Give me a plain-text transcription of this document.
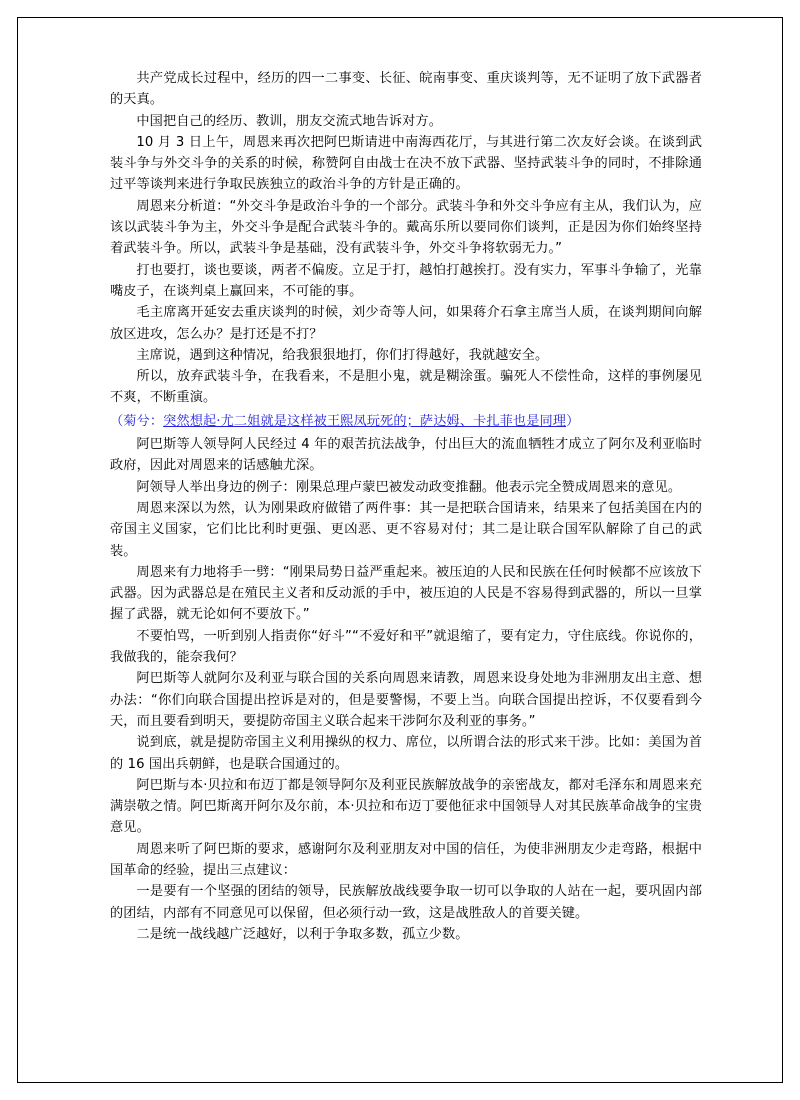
共产党成长过程中，经历的四一二事变、长征、皖南事变、重庆谈判等，无不证明了放下武器者的天真。

中国把自己的经历、教训，朋友交流式地告诉对方。

10 月 3 日上午，周恩来再次把阿巴斯请进中南海西花厅，与其进行第二次友好会谈。在谈到武装斗争与外交斗争的关系的时候，称赞阿自由战士在决不放下武器、坚持武装斗争的同时，不排除通过平等谈判来进行争取民族独立的政治斗争的方针是正确的。

周恩来分析道：“外交斗争是政治斗争的一个部分。武装斗争和外交斗争应有主从，我们认为，应该以武装斗争为主，外交斗争是配合武装斗争的。戴高乐所以要同你们谈判，正是因为你们始终坚持着武装斗争。所以，武装斗争是基础，没有武装斗争，外交斗争将软弱无力。”

打也要打，谈也要谈，两者不偏废。立足于打，越怕打越挨打。没有实力，军事斗争输了，光靠嘴皮子，在谈判桌上赢回来，不可能的事。

毛主席离开延安去重庆谈判的时候，刘少奇等人问，如果蒋介石拿主席当人质，在谈判期间向解放区进攻，怎么办？是打还是不打？

主席说，遇到这种情况，给我狠狠地打，你们打得越好，我就越安全。

所以，放弃武装斗争，在我看来，不是胆小鬼，就是糊涂蛋。骗死人不偿性命，这样的事例屡见不爽，不断重演。

（菊兮：突然想起·尤二姐就是这样被王熙凤玩死的；萨达姆、卡扎菲也是同理）

阿巴斯等人领导阿人民经过 4 年的艰苦抗法战争，付出巨大的流血牺牲才成立了阿尔及利亚临时政府，因此对周恩来的话感触尤深。

阿领导人举出身边的例子：刚果总理卢蒙巴被发动政变推翻。他表示完全赞成周恩来的意见。

周恩来深以为然，认为刚果政府做错了两件事：其一是把联合国请来，结果来了包括美国在内的帝国主义国家，它们比比利时更强、更凶恶、更不容易对付；其二是让联合国军队解除了自己的武装。

周恩来有力地将手一劈：“刚果局势日益严重起来。被压迫的人民和民族在任何时候都不应该放下武器。因为武器总是在殖民主义者和反动派的手中，被压迫的人民是不容易得到武器的，所以一旦掌握了武器，就无论如何不要放下。”

不要怕骂，一听到别人指责你“好斗”“不爱好和平”就退缩了，要有定力，守住底线。你说你的，我做我的，能奈我何？

阿巴斯等人就阿尔及利亚与联合国的关系向周恩来请教，周恩来设身处地为非洲朋友出主意、想办法：“你们向联合国提出控诉是对的，但是要警惕，不要上当。向联合国提出控诉，不仅要看到今天，而且要看到明天，要提防帝国主义联合起来干涉阿尔及利亚的事务。”

说到底，就是提防帝国主义利用操纵的权力、席位，以所谓合法的形式来干涉。比如：美国为首的 16 国出兵朝鲜，也是联合国通过的。

阿巴斯与本·贝拉和布迈丁都是领导阿尔及利亚民族解放战争的亲密战友，都对毛泽东和周恩来充满崇敬之情。阿巴斯离开阿尔及尔前，本·贝拉和布迈丁要他征求中国领导人对其民族革命战争的宝贵意见。

周恩来听了阿巴斯的要求，感谢阿尔及利亚朋友对中国的信任，为使非洲朋友少走弯路，根据中国革命的经验，提出三点建议：

一是要有一个坚强的团结的领导，民族解放战线要争取一切可以争取的人站在一起，要巩固内部的团结，内部有不同意见可以保留，但必须行动一致，这是战胜敌人的首要关键。

二是统一战线越广泛越好，以利于争取多数，孤立少数。
